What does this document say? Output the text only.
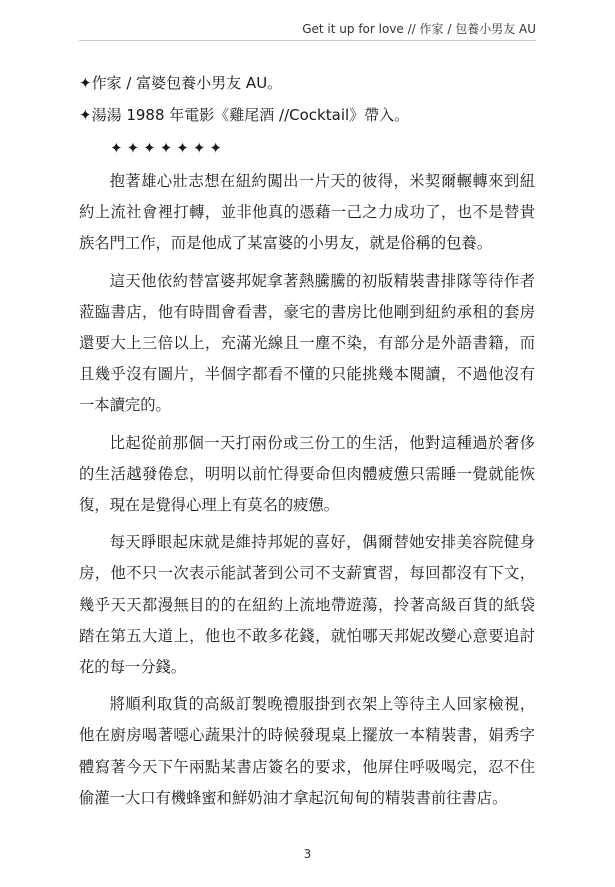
Get it up for love // 作家 / 包養小男友 AU
✦作家 / 富婆包養小男友 AU。
✦湯湯 1988 年電影《雞尾酒 //Cocktail》帶入。
✦✦✦✦✦✦✦

抱著雄心壯志想在紐約闖出一片天的彼得，米契爾輾轉來到紐約上流社會裡打轉，並非他真的憑藉一己之力成功了，也不是替貴族名門工作，而是他成了某富婆的小男友，就是俗稱的包養。

這天他依約替富婆邦妮拿著熱騰騰的初版精裝書排隊等待作者蒞臨書店，他有時間會看書，豪宅的書房比他剛到紐約承租的套房還要大上三倍以上，充滿光線且一塵不染，有部分是外語書籍，而且幾乎沒有圖片，半個字都看不懂的只能挑幾本閱讀，不過他沒有一本讀完的。

比起從前那個一天打兩份或三份工的生活，他對這種過於奢侈的生活越發倦怠，明明以前忙得要命但肉體疲憊只需睡一覺就能恢復，現在是覺得心理上有莫名的疲憊。

每天睜眼起床就是維持邦妮的喜好，偶爾替她安排美容院健身房，他不只一次表示能試著到公司不支薪實習，每回都沒有下文，幾乎天天都漫無目的的在紐約上流地帶遊蕩，拎著高級百貨的紙袋踏在第五大道上，他也不敢多花錢，就怕哪天邦妮改變心意要追討花的每一分錢。

將順利取貨的高級訂製晚禮服掛到衣架上等待主人回家檢視，他在廚房喝著噁心蔬果汁的時候發現桌上擺放一本精裝書，娟秀字體寫著今天下午兩點某書店簽名的要求，他屏住呼吸喝完，忍不住偷灌一大口有機蜂蜜和鮮奶油才拿起沉甸甸的精裝書前往書店。

3
